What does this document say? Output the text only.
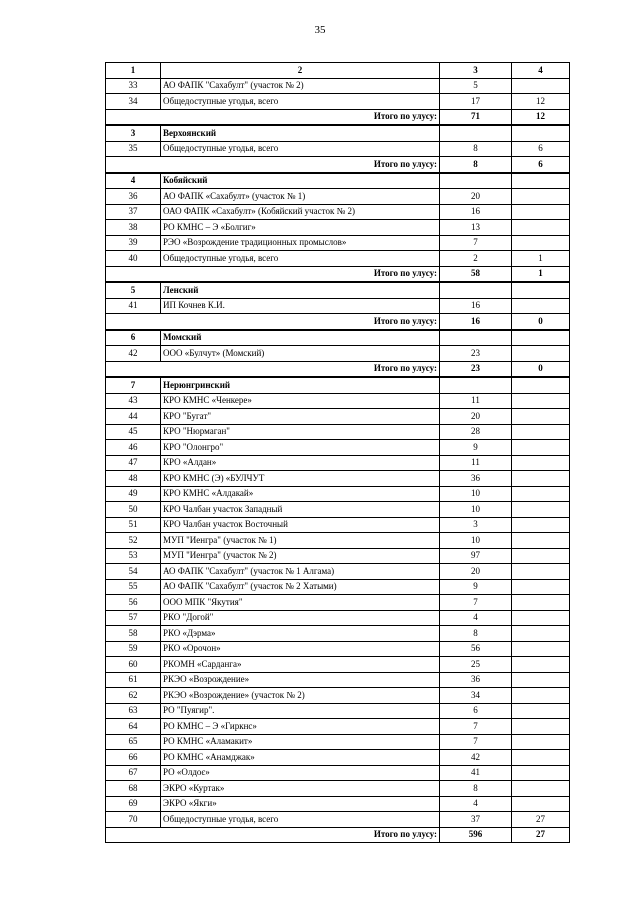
35
1	2	3	4
33	АО ФАПК "Сахабулт" (участок № 2)	5	
34	Общедоступные угодья, всего	17	12
Итого по улусу:		71	12
3	Верхоянский		
35	Общедоступные угодья, всего	8	6
Итого по улусу:		8	6
4	Кобяйский		
36	АО ФАПК «Сахабулт» (участок № 1)	20	
37	ОАО ФАПК «Сахабулт» (Кобяйский участок № 2)	16	
38	РО КМНС – Э «Болгиг»	13	
39	РЭО «Возрождение традиционных промыслов»	7	
40	Общедоступные угодья, всего	2	1
Итого по улусу:		58	1
5	Ленский		
41	ИП Кочнев К.И.	16	
Итого по улусу:		16	0
6	Момский		
42	ООО «Булчут» (Момский)	23	
Итого по улусу:		23	0
7	Нерюнгринский		
43	КРО КМНС «Ченкере»	11	
44	КРО "Бугат"	20	
45	КРО "Нюрмаган"	28	
46	КРО "Олонгро"	9	
47	КРО «Алдан»	11	
48	КРО КМНС (Э) «БУЛЧУТ	36	
49	КРО КМНС «Алдакай»	10	
50	КРО Чалбан участок Западный	10	
51	КРО Чалбан участок Восточный	3	
52	МУП "Иенгра" (участок № 1)	10	
53	МУП "Иенгра" (участок № 2)	97	
54	АО ФАПК "Сахабулт" (участок № 1 Алгама)	20	
55	АО ФАПК "Сахабулт" (участок № 2 Хатыми)	9	
56	ООО МПК "Якутия"	7	
57	РКО "Догой"	4	
58	РКО «Дэрма»	8	
59	РКО «Орочон»	56	
60	РКОМН «Сарданга»	25	
61	РКЭО «Возрождение»	36	
62	РКЭО «Возрождение» (участок № 2)	34	
63	РО "Пуягир".	6	
64	РО КМНС – Э «Гиркнс»	7	
65	РО КМНС «Аламакит»	7	
66	РО КМНС «Анамджак»	42	
67	РО «Олдоє»	41	
68	ЭКРО «Куртак»	8	
69	ЭКРО «Якги»	4	
70	Общедоступные угодья, всего	37	27
Итого по улусу:		596	27
